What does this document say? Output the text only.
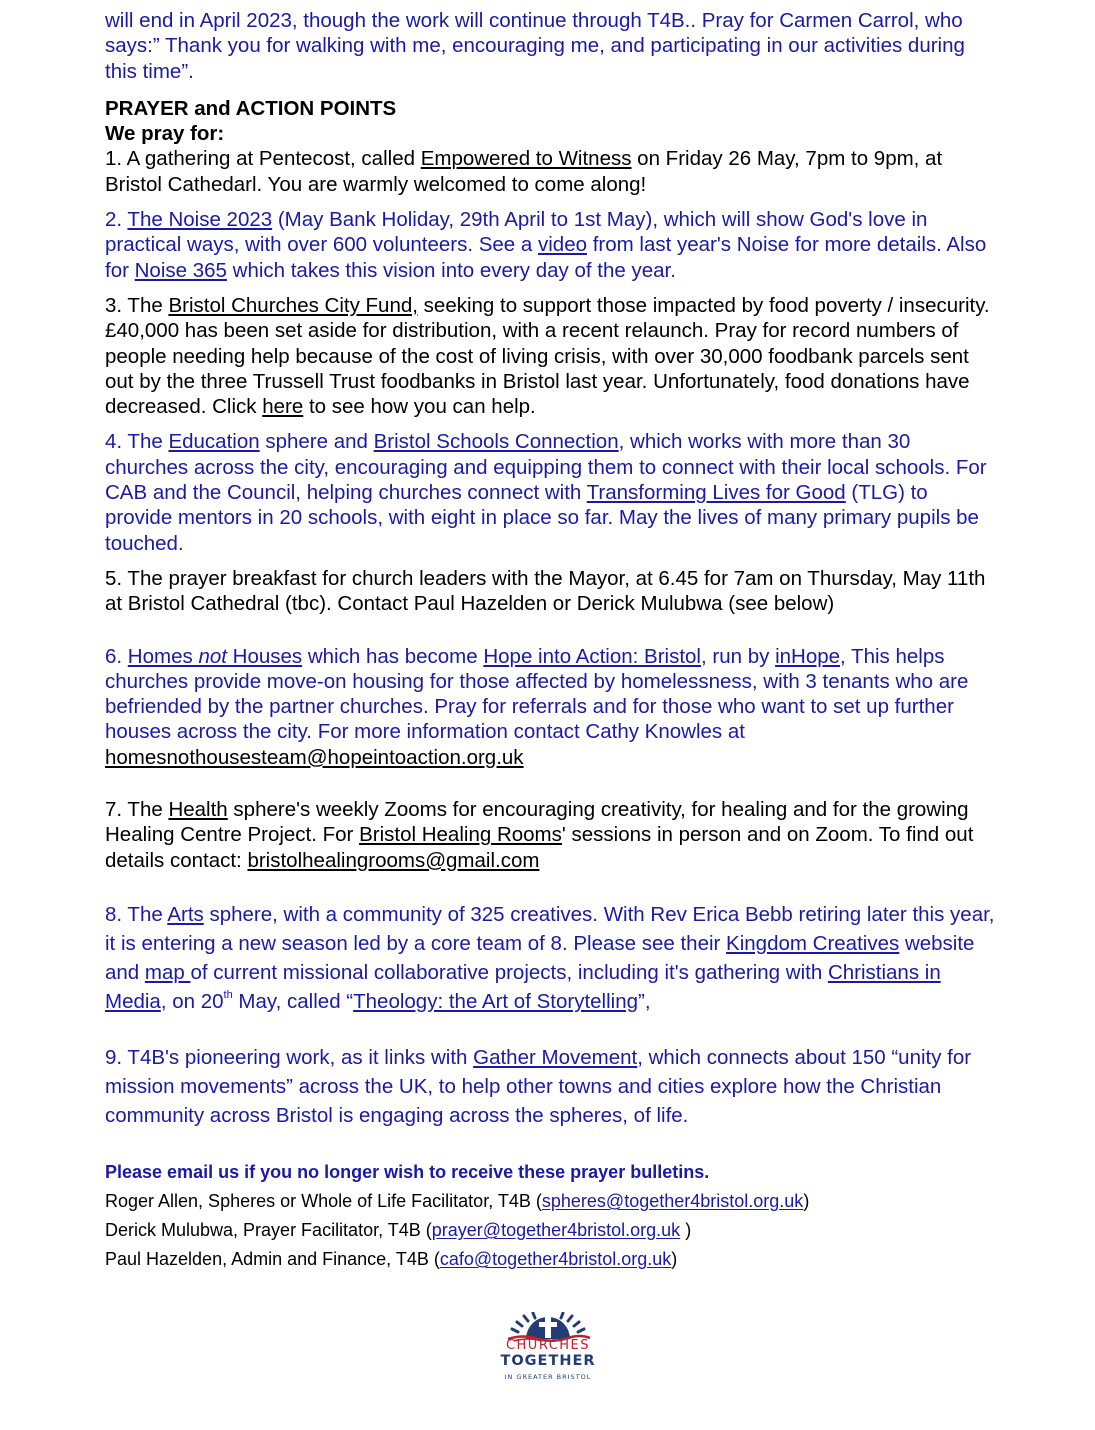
will end in April 2023, though the work will continue through T4B.. Pray for Carmen Carrol, who says:” Thank you for walking with me, encouraging me, and participating in our activities during this time”.

PRAYER and ACTION POINTS

We pray for:

1. A gathering at Pentecost, called Empowered to Witness on Friday 26 May, 7pm to 9pm, at Bristol Cathedarl. You are warmly welcomed to come along!

2. The Noise 2023 (May Bank Holiday, 29th April to 1st May), which will show God's love in practical ways, with over 600 volunteers. See a video from last year's Noise for more details. Also for Noise 365 which takes this vision into every day of the year.

3. The Bristol Churches City Fund, seeking to support those impacted by food poverty / insecurity. £40,000 has been set aside for distribution, with a recent relaunch. Pray for record numbers of people needing help because of the cost of living crisis, with over 30,000 foodbank parcels sent out by the three Trussell Trust foodbanks in Bristol last year. Unfortunately, food donations have decreased. Click here to see how you can help.

4. The Education sphere and Bristol Schools Connection, which works with more than 30 churches across the city, encouraging and equipping them to connect with their local schools. For CAB and the Council, helping churches connect with Transforming Lives for Good (TLG) to provide mentors in 20 schools, with eight in place so far. May the lives of many primary pupils be touched.

5. The prayer breakfast for church leaders with the Mayor, at 6.45 for 7am on Thursday, May 11th at Bristol Cathedral (tbc). Contact Paul Hazelden or Derick Mulubwa (see below)

6. Homes not Houses which has become Hope into Action: Bristol, run by inHope, This helps churches provide move-on housing for those affected by homelessness, with 3 tenants who are befriended by the partner churches. Pray for referrals and for those who want to set up further houses across the city. For more information contact Cathy Knowles at homesnothousesteam@hopeintoaction.org.uk

7. The Health sphere's weekly Zooms for encouraging creativity, for healing and for the growing Healing Centre Project. For Bristol Healing Rooms' sessions in person and on Zoom. To find out details contact: bristolhealingrooms@gmail.com

8. The Arts sphere, with a community of 325 creatives. With Rev Erica Bebb retiring later this year, it is entering a new season led by a core team of 8. Please see their Kingdom Creatives website and map of current missional collaborative projects, including it's gathering with Christians in Media, on 20th May, called “Theology: the Art of Storytelling”,

9. T4B's pioneering work, as it links with Gather Movement, which connects about 150 “unity for mission movements” across the UK, to help other towns and cities explore how the Christian community across Bristol is engaging across the spheres, of life.

Please email us if you no longer wish to receive these prayer bulletins.

Roger Allen, Spheres or Whole of Life Facilitator, T4B (spheres@together4bristol.org.uk)

Derick Mulubwa, Prayer Facilitator, T4B (prayer@together4bristol.org.uk )

Paul Hazelden, Admin and Finance, T4B (cafo@together4bristol.org.uk)

CHURCHES
TOGETHER
IN GREATER BRISTOL
